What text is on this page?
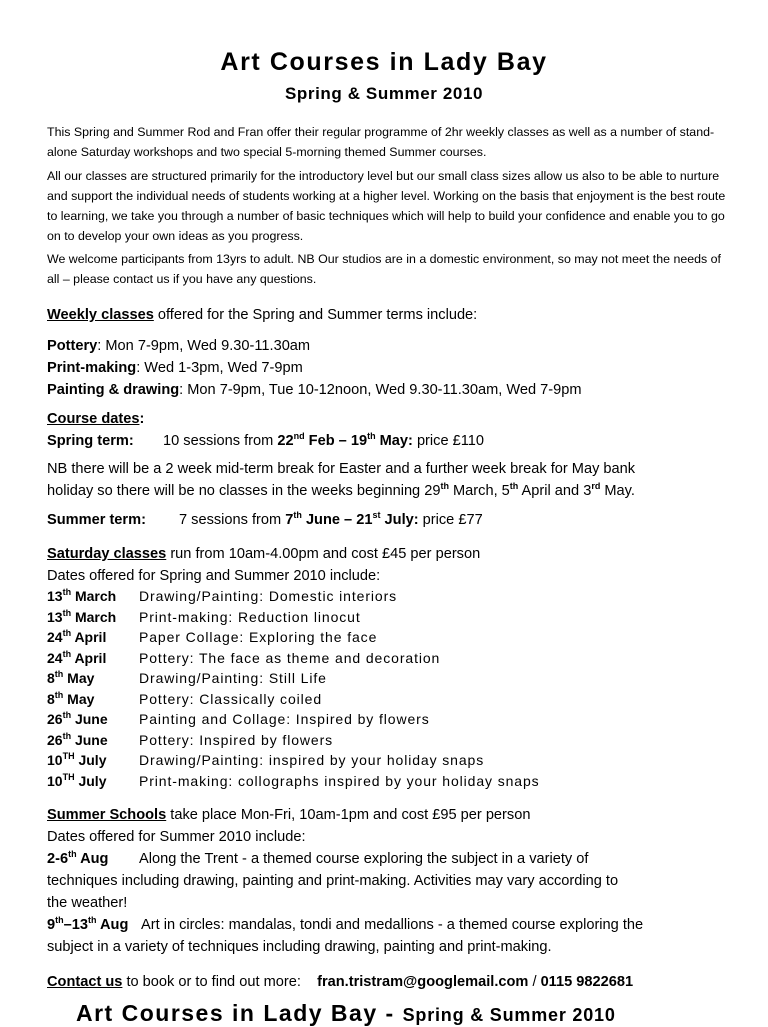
Art Courses in Lady Bay
Spring & Summer 2010
This Spring and Summer Rod and Fran offer their regular programme of 2hr weekly classes as well as a number of stand-alone Saturday workshops and two special 5-morning themed Summer courses.
All our classes are structured primarily for the introductory level but our small class sizes allow us also to be able to nurture and support the individual needs of students working at a higher level. Working on the basis that enjoyment is the best route to learning, we take you through a number of basic techniques which will help to build your confidence and enable you to go on to develop your own ideas as you progress.
We welcome participants from 13yrs to adult. NB Our studios are in a domestic environment, so may not meet the needs of all – please contact us if you have any questions.
Weekly classes offered for the Spring and Summer terms include:
Pottery: Mon 7-9pm, Wed 9.30-11.30am
Print-making: Wed 1-3pm, Wed 7-9pm
Painting & drawing: Mon 7-9pm, Tue 10-12noon, Wed 9.30-11.30am, Wed 7-9pm
Course dates:
Spring term: 10 sessions from 22nd Feb – 19th May: price £110
NB there will be a 2 week mid-term break for Easter and a further week break for May bank
holiday so there will be no classes in the weeks beginning 29th March, 5th April and 3rd May.
Summer term: 7 sessions from 7th June – 21st July: price £77
Saturday classes run from 10am-4.00pm and cost £45 per person
Dates offered for Spring and Summer 2010 include:
13th March Drawing/Painting: Domestic interiors
13th March Print-making: Reduction linocut
24th April Paper Collage: Exploring the face
24th April Pottery: The face as theme and decoration
8th May	Drawing/Painting: Still Life
8th May	Pottery: Classically coiled
26th June Painting and Collage: Inspired by flowers
26th June Pottery: Inspired by flowers
10TH July Drawing/Painting: inspired by your holiday snaps
10TH July Print-making: collographs inspired by your holiday snaps
Summer Schools take place Mon-Fri, 10am-1pm and cost £95 per person
Dates offered for Summer 2010 include:
2-6th Aug Along the Trent - a themed course exploring the subject in a variety of
techniques including drawing, painting and print-making. Activities may vary according to
the weather!
9th–13th Aug Art in circles: mandalas, tondi and medallions - a themed course exploring the
subject in a variety of techniques including drawing, painting and print-making.
Contact us to book or to find out more: fran.tristram@googlemail.com / 0115 9822681
Art Courses in Lady Bay - Spring & Summer 2010
